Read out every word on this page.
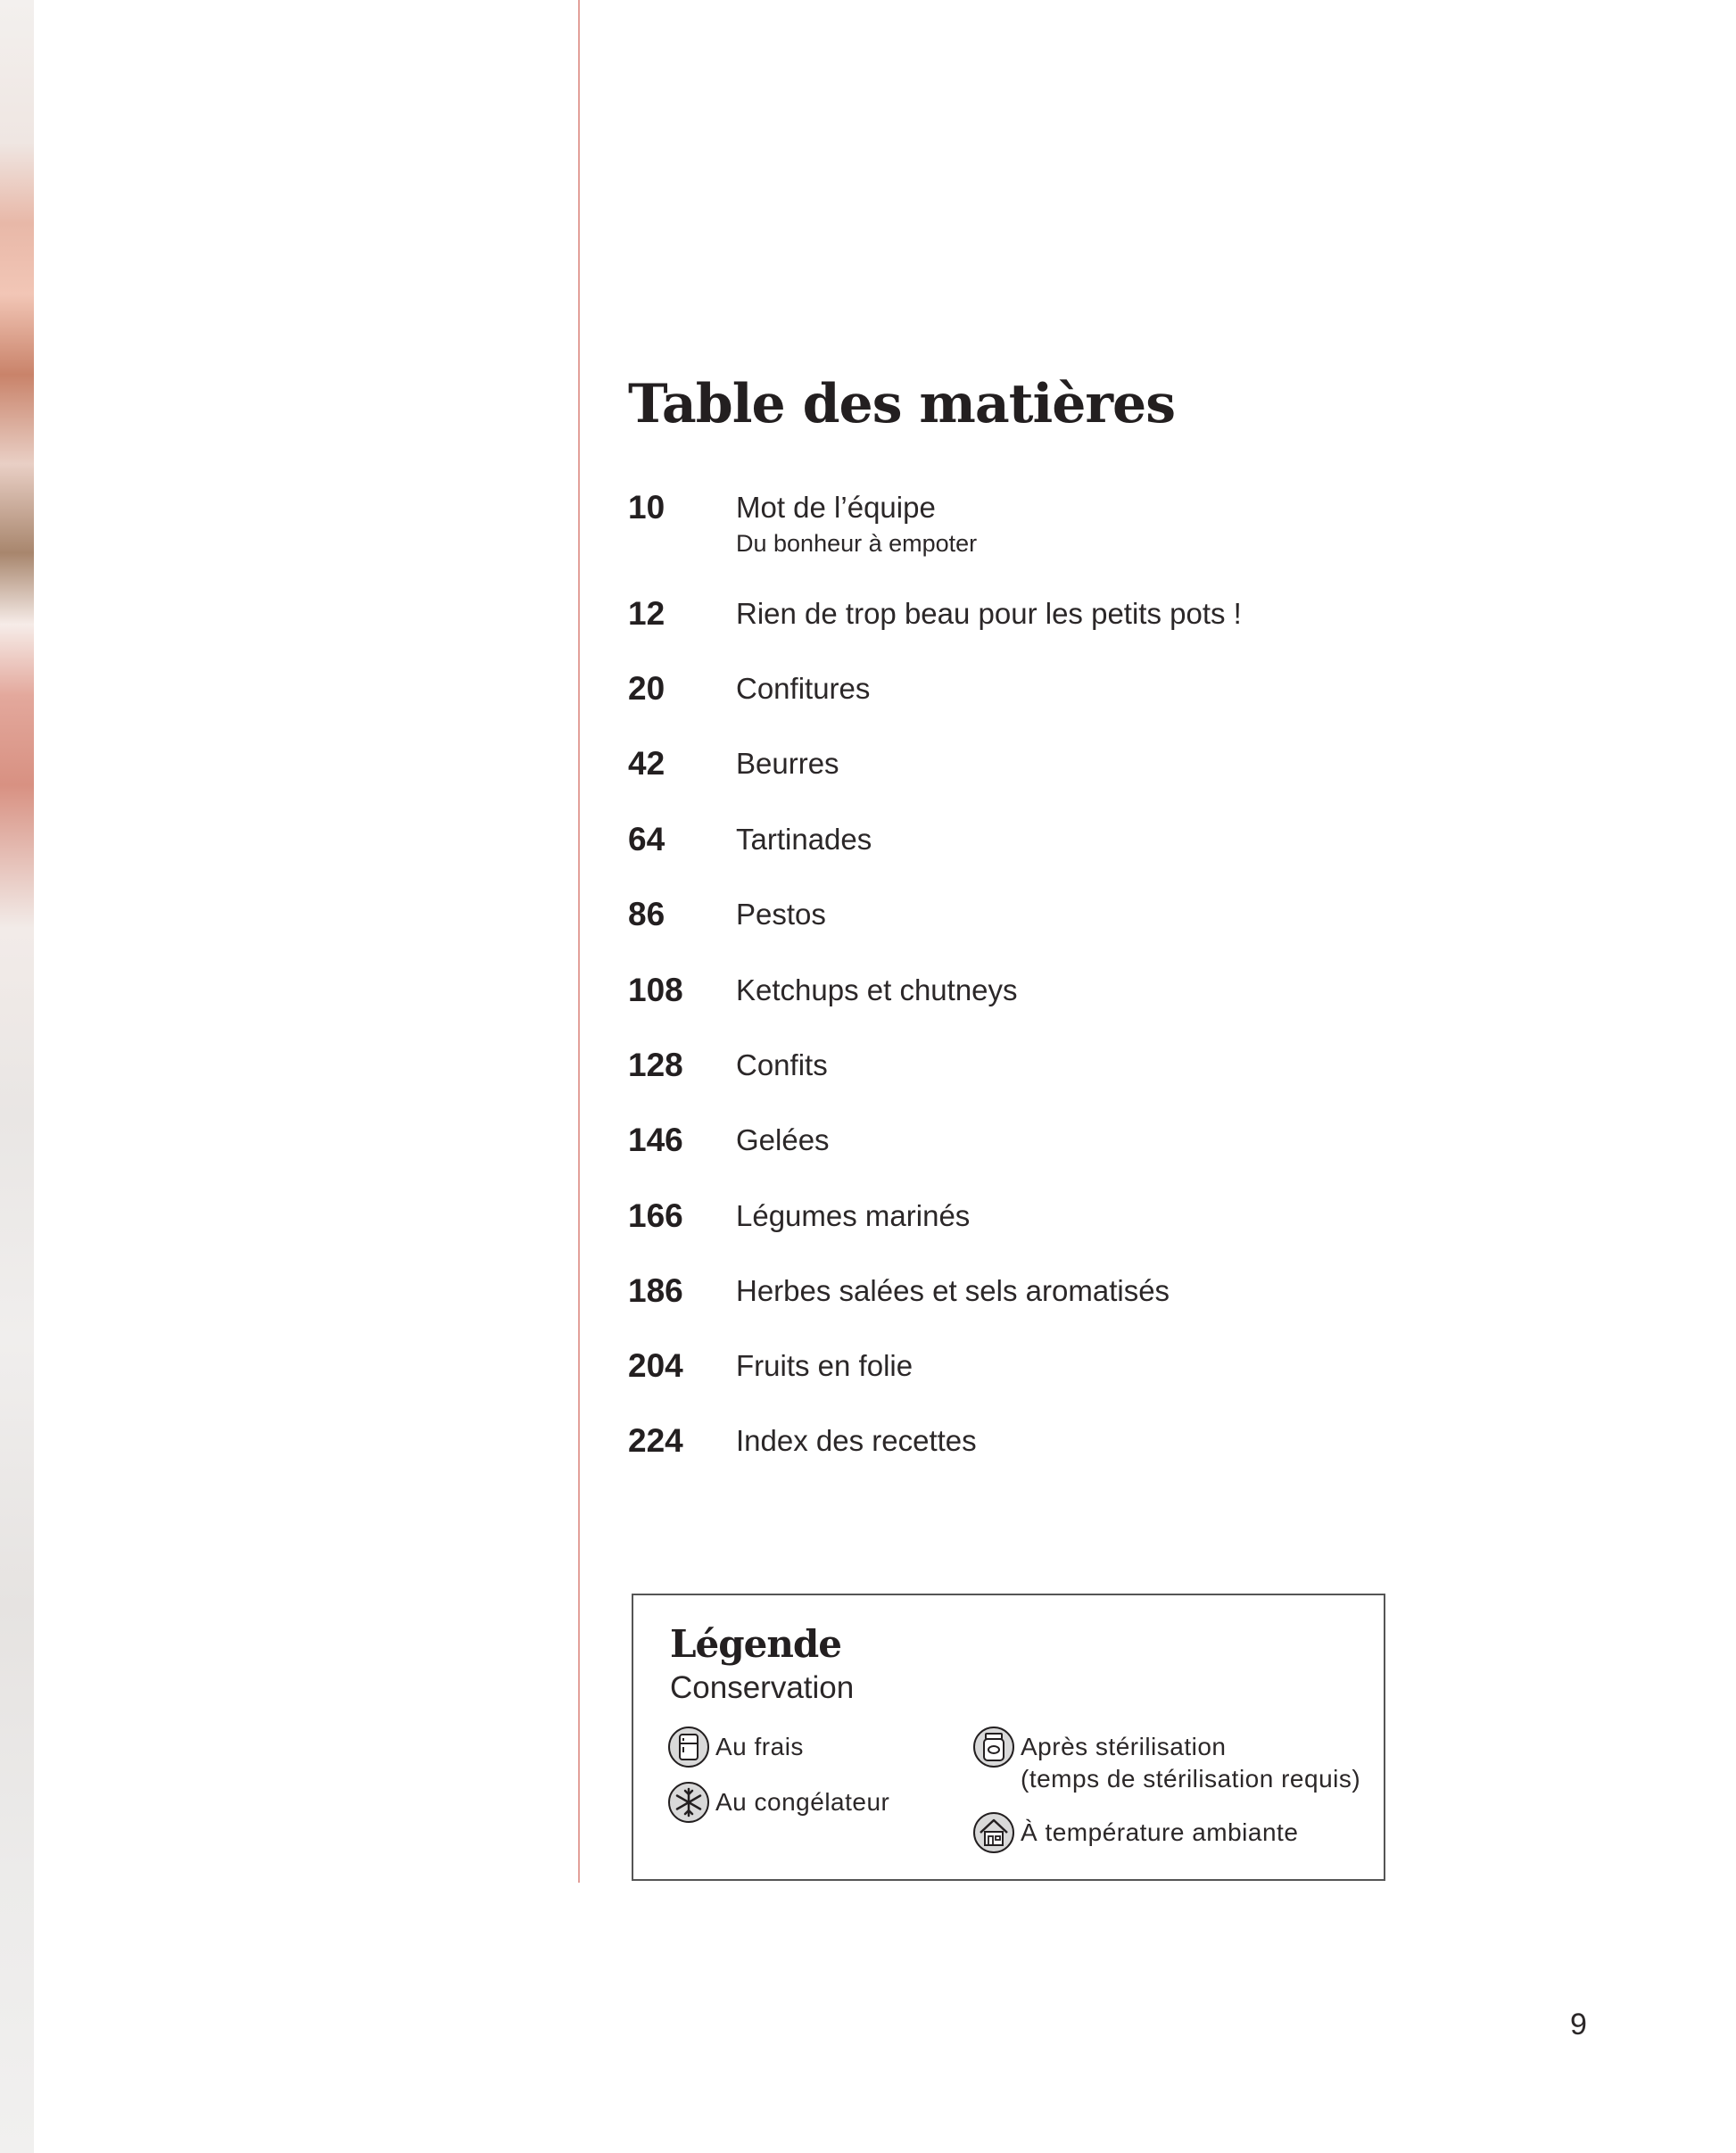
Table des matières
10 Mot de l’équipe
Du bonheur à empoter
12 Rien de trop beau pour les petits pots !
20 Confitures
42 Beurres
64 Tartinades
86 Pestos
108 Ketchups et chutneys
128 Confits
146 Gelées
166 Légumes marinés
186 Herbes salées et sels aromatisés
204 Fruits en folie
224 Index des recettes
Légende
Conservation
Au frais
Au congélateur
Après stérilisation
(temps de stérilisation requis)
À température ambiante
9
